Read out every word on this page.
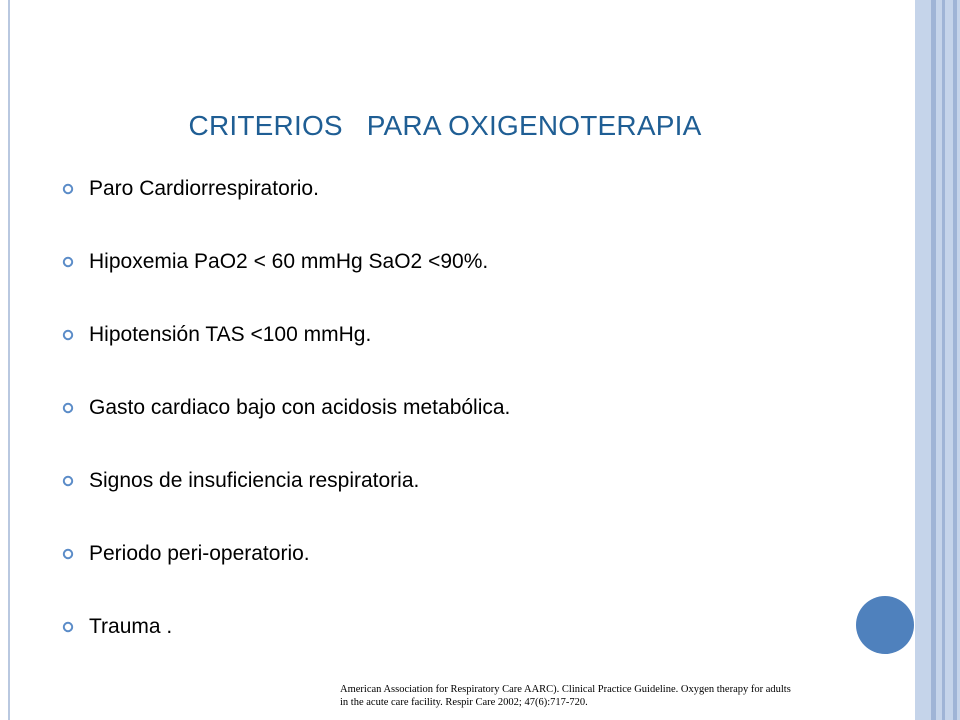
CRITERIOS   PARA OXIGENOTERAPIA
Paro Cardiorrespiratorio.
Hipoxemia PaO2 < 60 mmHg SaO2 <90%.
Hipotensión TAS <100 mmHg.
Gasto cardiaco bajo con acidosis metabólica.
Signos de insuficiencia respiratoria.
Periodo peri-operatorio.
Trauma .

American Association for Respiratory Care AARC). Clinical Practice Guideline. Oxygen therapy for adults in the acute care facility. Respir Care 2002; 47(6):717-720.
